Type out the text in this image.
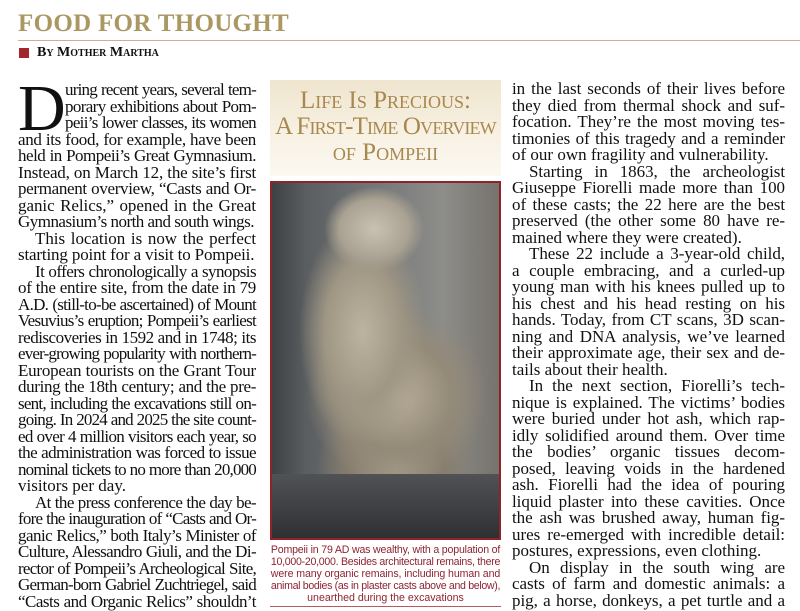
FOOD FOR THOUGHT
By Mother Martha
D uring recent years, several tem-
porary exhibitions about Pom-
peii’s lower classes, its women
and its food, for example, have been
held in Pompeii’s Great Gymnasium.
Instead, on March 12, the site’s first
permanent overview, “Casts and Or-
ganic Relics,” opened in the Great
Gymnasium’s north and south wings.
This location is now the perfect
starting point for a visit to Pompeii.
It offers chronologically a synopsis
of the entire site, from the date in 79
A.D. (still-to-be ascertained) of Mount
Vesuvius’s eruption; Pompeii’s earliest
rediscoveries in 1592 and in 1748; its
ever-growing popularity with northern-
European tourists on the Grant Tour
during the 18th century; and the pre-
sent, including the excavations still on-
going. In 2024 and 2025 the site count-
ed over 4 million visitors each year, so
the administration was forced to issue
nominal tickets to no more than 20,000
visitors per day.
At the press conference the day be-
fore the inauguration of “Casts and Or-
ganic Relics,” both Italy’s Minister of
Culture, Alessandro Giuli, and the Di-
rector of Pompeii’s Archeological Site,
German-born Gabriel Zuchtriegel, said
“Casts and Organic Relics” shouldn’t
Life Is Precious:
A First-Time Overview
of Pompeii
Pompeii in 79 AD was wealthy, with a population of
10,000-20,000. Besides architectural remains, there
were many organic remains, including human and
animal bodies (as in plaster casts above and below),
unearthed during the excavations
in the last seconds of their lives before
they died from thermal shock and suf-
focation. They’re the most moving tes-
timonies of this tragedy and a reminder
of our own fragility and vulnerability.
Starting in 1863, the archeologist
Giuseppe Fiorelli made more than 100
of these casts; the 22 here are the best
preserved (the other some 80 have re-
mained where they were created).
These 22 include a 3-year-old child,
a couple embracing, and a curled-up
young man with his knees pulled up to
his chest and his head resting on his
hands. Today, from CT scans, 3D scan-
ning and DNA analysis, we’ve learned
their approximate age, their sex and de-
tails about their health.
In the next section, Fiorelli’s tech-
nique is explained. The victims’ bodies
were buried under hot ash, which rap-
idly solidified around them. Over time
the bodies’ organic tissues decom-
posed, leaving voids in the hardened
ash. Fiorelli had the idea of pouring
liquid plaster into these cavities. Once
the ash was brushed away, human fig-
ures re-emerged with incredible detail:
postures, expressions, even clothing.
On display in the south wing are
casts of farm and domestic animals: a
pig, a horse, donkeys, a pet turtle and a
